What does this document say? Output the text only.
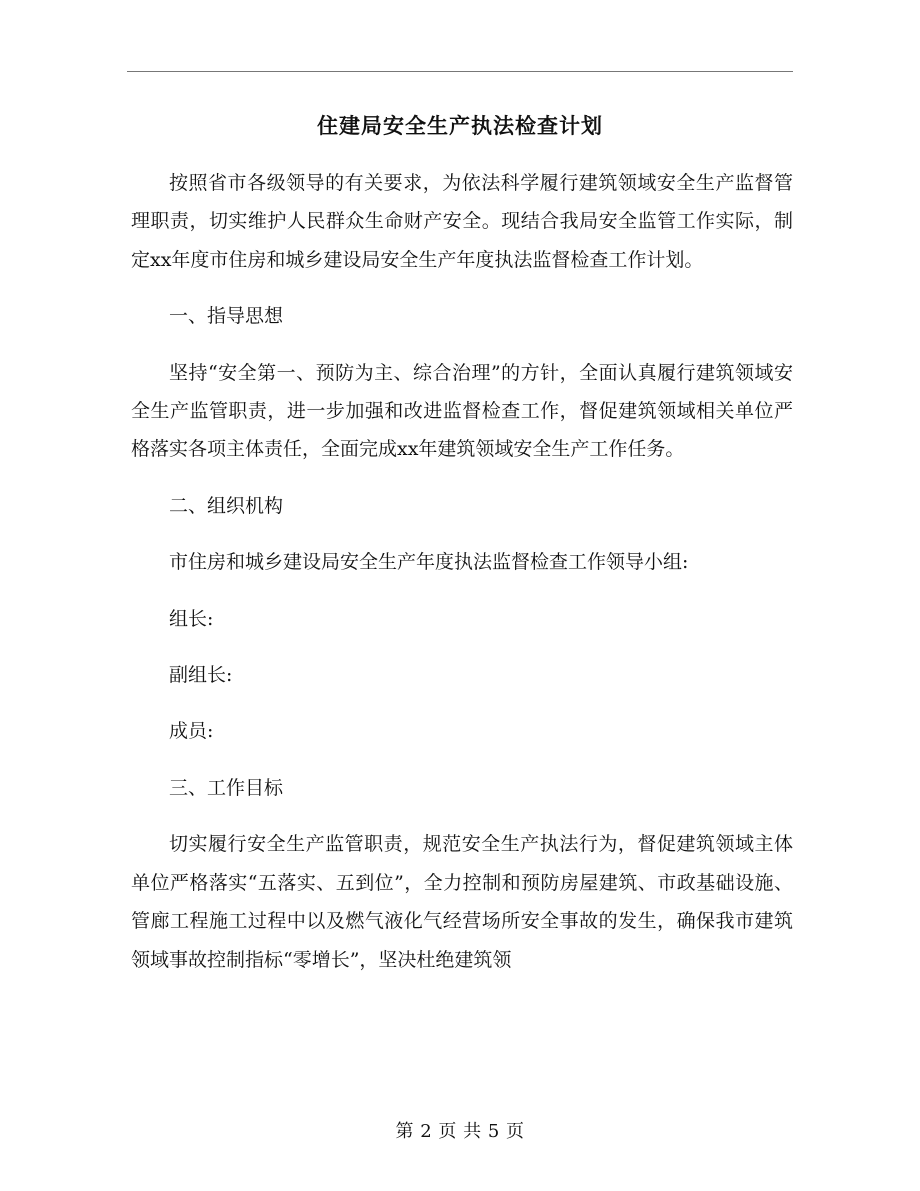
住建局安全生产执法检查计划

按照省市各级领导的有关要求，为依法科学履行建筑领域安全生产监督管理职责，切实维护人民群众生命财产安全。现结合我局安全监管工作实际，制定xx年度市住房和城乡建设局安全生产年度执法监督检查工作计划。

一、指导思想

坚持“安全第一、预防为主、综合治理”的方针，全面认真履行建筑领域安全生产监管职责，进一步加强和改进监督检查工作，督促建筑领域相关单位严格落实各项主体责任，全面完成xx年建筑领域安全生产工作任务。

二、组织机构

市住房和城乡建设局安全生产年度执法监督检查工作领导小组:

组长:

副组长:

成员:

三、工作目标

切实履行安全生产监管职责，规范安全生产执法行为，督促建筑领域主体单位严格落实“五落实、五到位”，全力控制和预防房屋建筑、市政基础设施、管廊工程施工过程中以及燃气液化气经营场所安全事故的发生，确保我市建筑领域事故控制指标“零增长”，坚决杜绝建筑领

第 2 页 共 5 页
